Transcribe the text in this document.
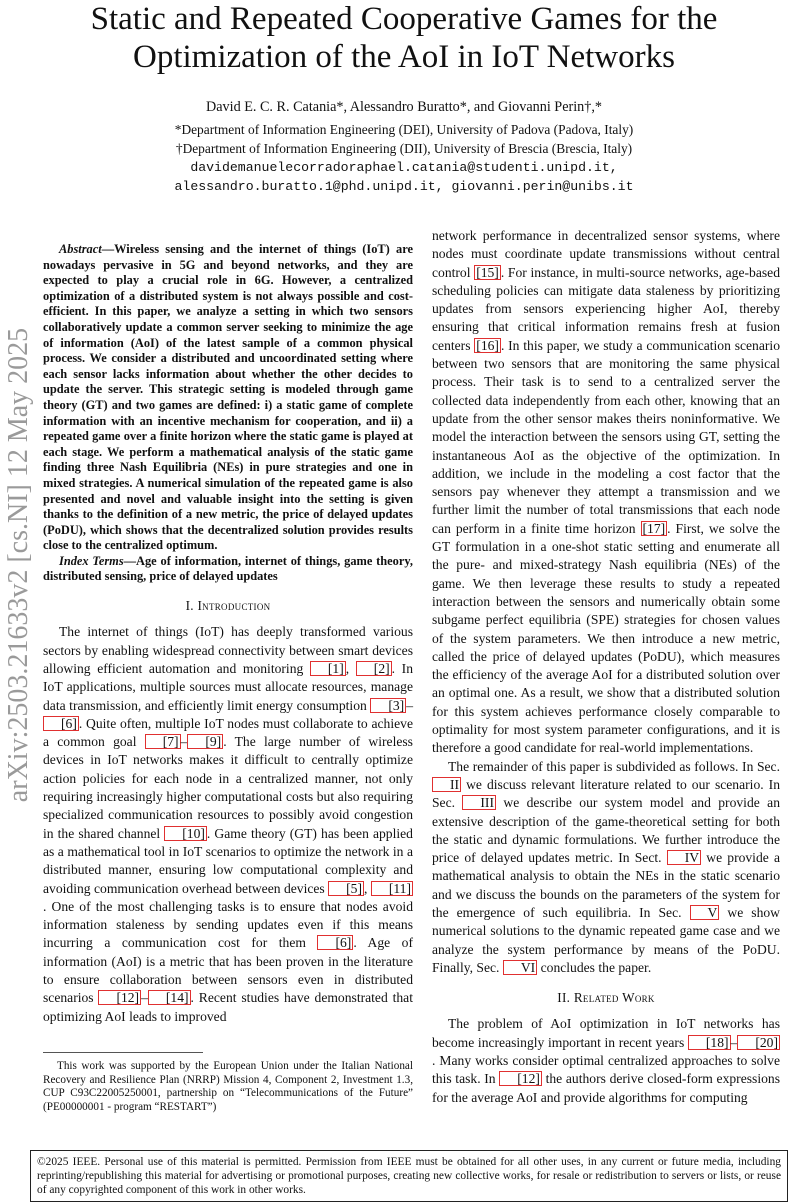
Static and Repeated Cooperative Games for the
Optimization of the AoI in IoT Networks
David E. C. R. Catania*, Alessandro Buratto*, and Giovanni Perin†,*
*Department of Information Engineering (DEI), University of Padova (Padova, Italy)
†Department of Information Engineering (DII), University of Brescia (Brescia, Italy)
davidemanuelecorradoraphael.catania@studenti.unipd.it,
alessandro.buratto.1@phd.unipd.it, giovanni.perin@unibs.it
arXiv:2503.21633v2 [cs.NI] 12 May 2025

Abstract—Wireless sensing and the internet of things (IoT) are nowadays pervasive in 5G and beyond networks, and they are expected to play a crucial role in 6G. However, a centralized optimization of a distributed system is not always possible and cost-efficient. In this paper, we analyze a setting in which two sensors collaboratively update a common server seeking to minimize the age of information (AoI) of the latest sample of a common physical process. We consider a distributed and uncoordinated setting where each sensor lacks information about whether the other decides to update the server. This strategic setting is modeled through game theory (GT) and two games are defined: i) a static game of complete information with an incentive mechanism for cooperation, and ii) a repeated game over a finite horizon where the static game is played at each stage. We perform a mathematical analysis of the static game finding three Nash Equilibria (NEs) in pure strategies and one in mixed strategies. A numerical simulation of the repeated game is also presented and novel and valuable insight into the setting is given thanks to the definition of a new metric, the price of delayed updates (PoDU), which shows that the decentralized solution provides results close to the centralized optimum.

Index Terms—Age of information, internet of things, game theory, distributed sensing, price of delayed updates

I. Introduction

The internet of things (IoT) has deeply transformed various sectors by enabling widespread connectivity between smart devices allowing efficient automation and monitoring [1] , [2] . In IoT applications, multiple sources must allocate resources, manage data transmission, and efficiently limit energy consumption [3] –[6] . Quite often, multiple IoT nodes must collaborate to achieve a common goal [7] – [9] . The large number of wireless devices in IoT networks makes it difficult to centrally optimize action policies for each node in a centralized manner, not only requiring increasingly higher computational costs but also requiring specialized communication resources to possibly avoid congestion in the shared channel [10] . Game theory (GT) has been applied as a mathematical tool in IoT scenarios to optimize the network in a distributed manner, ensuring low computational complexity and avoiding communication overhead between devices [5] , [11]. One of the most challenging tasks is to ensure that nodes avoid information staleness by sending updates even if this means incurring a communication cost for them [6] . Age of information (AoI) is a metric that has been proven in the literature to ensure collaboration between sensors even in distributed scenarios [12] – [14] . Recent studies have demonstrated that optimizing AoI leads to improved

This work was supported by the European Union under the Italian National Recovery and Resilience Plan (NRRP) Mission 4, Component 2, Investment 1.3, CUP C93C22005250001, partnership on “Telecommunications of the Future” (PE00000001 - program “RESTART”)

network performance in decentralized sensor systems, where nodes must coordinate update transmissions without central control [15] . For instance, in multi-source networks, age-based scheduling policies can mitigate data staleness by prioritizing updates from sensors experiencing higher AoI, thereby ensuring that critical information remains fresh at fusion centers [16] . In this paper, we study a communication scenario between two sensors that are monitoring the same physical process. Their task is to send to a centralized server the collected data independently from each other, knowing that an update from the other sensor makes theirs noninformative. We model the interaction between the sensors using GT, setting the instantaneous AoI as the objective of the optimization. In addition, we include in the modeling a cost factor that the sensors pay whenever they attempt a transmission and we further limit the number of total transmissions that each node can perform in a finite time horizon [17] . First, we solve the GT formulation in a one-shot static setting and enumerate all the pure- and mixed-strategy Nash equilibria (NEs) of the game. We then leverage these results to study a repeated interaction between the sensors and numerically obtain some subgame perfect equilibria (SPE) strategies for chosen values of the system parameters. We then introduce a new metric, called the price of delayed updates (PoDU), which measures the efficiency of the average AoI for a distributed solution over an optimal one. As a result, we show that a distributed solution for this system achieves performance closely comparable to optimality for most system parameter configurations, and it is therefore a good candidate for real-world implementations.

The remainder of this paper is subdivided as follows. In Sec. II we discuss relevant literature related to our scenario. In Sec. III we describe our system model and provide an extensive description of the game-theoretical setting for both the static and dynamic formulations. We further introduce the price of delayed updates metric. In Sect. IV we provide a mathematical analysis to obtain the NEs in the static scenario and we discuss the bounds on the parameters of the system for the emergence of such equilibria. In Sec. V we show numerical solutions to the dynamic repeated game case and we analyze the system performance by means of the PoDU. Finally, Sec. VI concludes the paper.

II. Related Work

The problem of AoI optimization in IoT networks has become increasingly important in recent years [18] – [20]. Many works consider optimal centralized approaches to solve this task. In [12] the authors derive closed-form expressions for the average AoI and provide algorithms for computing

©2025 IEEE. Personal use of this material is permitted. Permission from IEEE must be obtained for all other uses, in any current or future media, including reprinting/republishing this material for advertising or promotional purposes, creating new collective works, for resale or redistribution to servers or lists, or reuse of any copyrighted component of this work in other works.
